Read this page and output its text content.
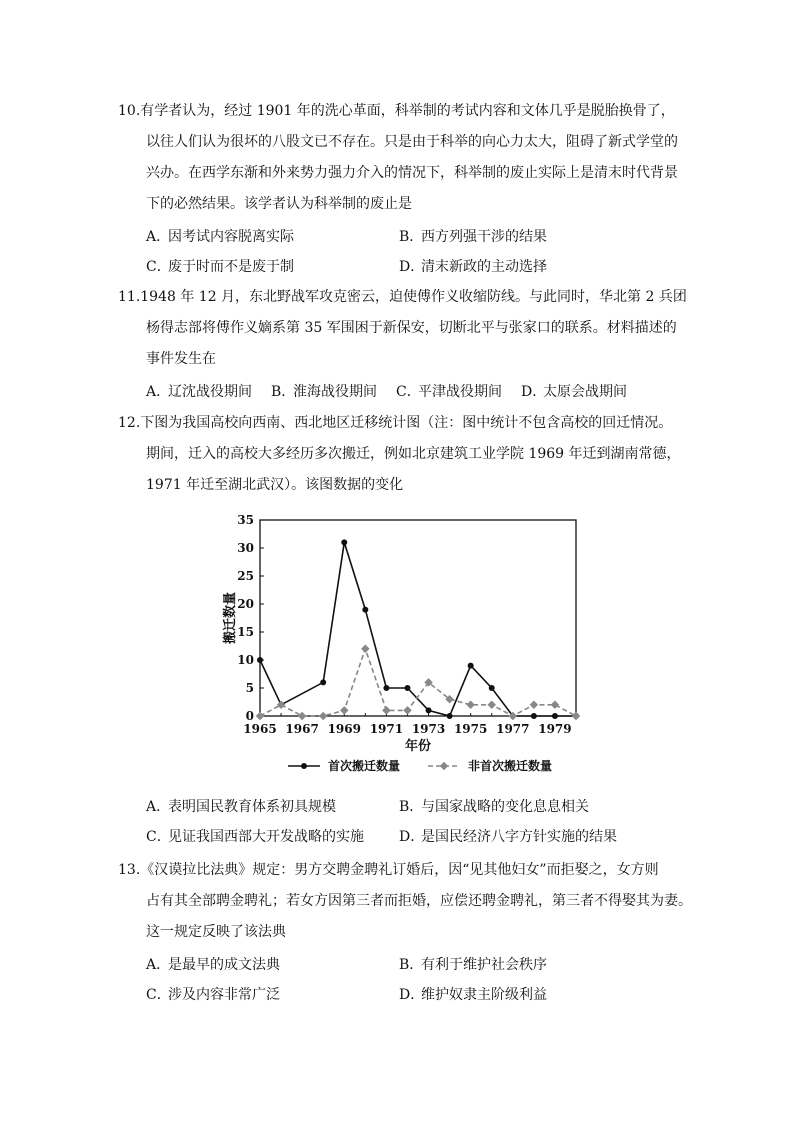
10.有学者认为，经过 1901 年的洗心革面，科举制的考试内容和文体几乎是脱胎换骨了，
以往人们认为很坏的八股文已不存在。只是由于科举的向心力太大，阻碍了新式学堂的
兴办。在西学东渐和外来势力强力介入的情况下，科举制的废止实际上是清末时代背景
下的必然结果。该学者认为科举制的废止是
A．因考试内容脱离实际	B．西方列强干涉的结果
C．废于时而不是废于制	D．清末新政的主动选择
11.1948 年 12 月，东北野战军攻克密云，迫使傅作义收缩防线。与此同时，华北第 2 兵团
杨得志部将傅作义嫡系第 35 军围困于新保安，切断北平与张家口的联系。材料描述的
事件发生在
A．辽沈战役期间 B．淮海战役期间 C．平津战役期间 D．太原会战期间
12.下图为我国高校向西南、西北地区迁移统计图（注：图中统计不包含高校的回迁情况。
期间，迁入的高校大多经历多次搬迁，例如北京建筑工业学院 1969 年迁到湖南常德，
1971 年迁至湖北武汉）。该图数据的变化
A．表明国民教育体系初具规模	B．与国家战略的变化息息相关
C．见证我国西部大开发战略的实施	D．是国民经济八字方针实施的结果
13.《汉谟拉比法典》规定：男方交聘金聘礼订婚后，因“见其他妇女”而拒娶之，女方则
占有其全部聘金聘礼；若女方因第三者而拒婚，应偿还聘金聘礼，第三者不得娶其为妻。
这一规定反映了该法典
A．是最早的成文法典	B．有利于维护社会秩序
C．涉及内容非常广泛	D．维护奴隶主阶级利益
0
5
10
15
20
25
30
35
1965 1967 1969 1971 1973 1975 1977 1979
年份
搬迁数量
首次搬迁数量	非首次搬迁数量
